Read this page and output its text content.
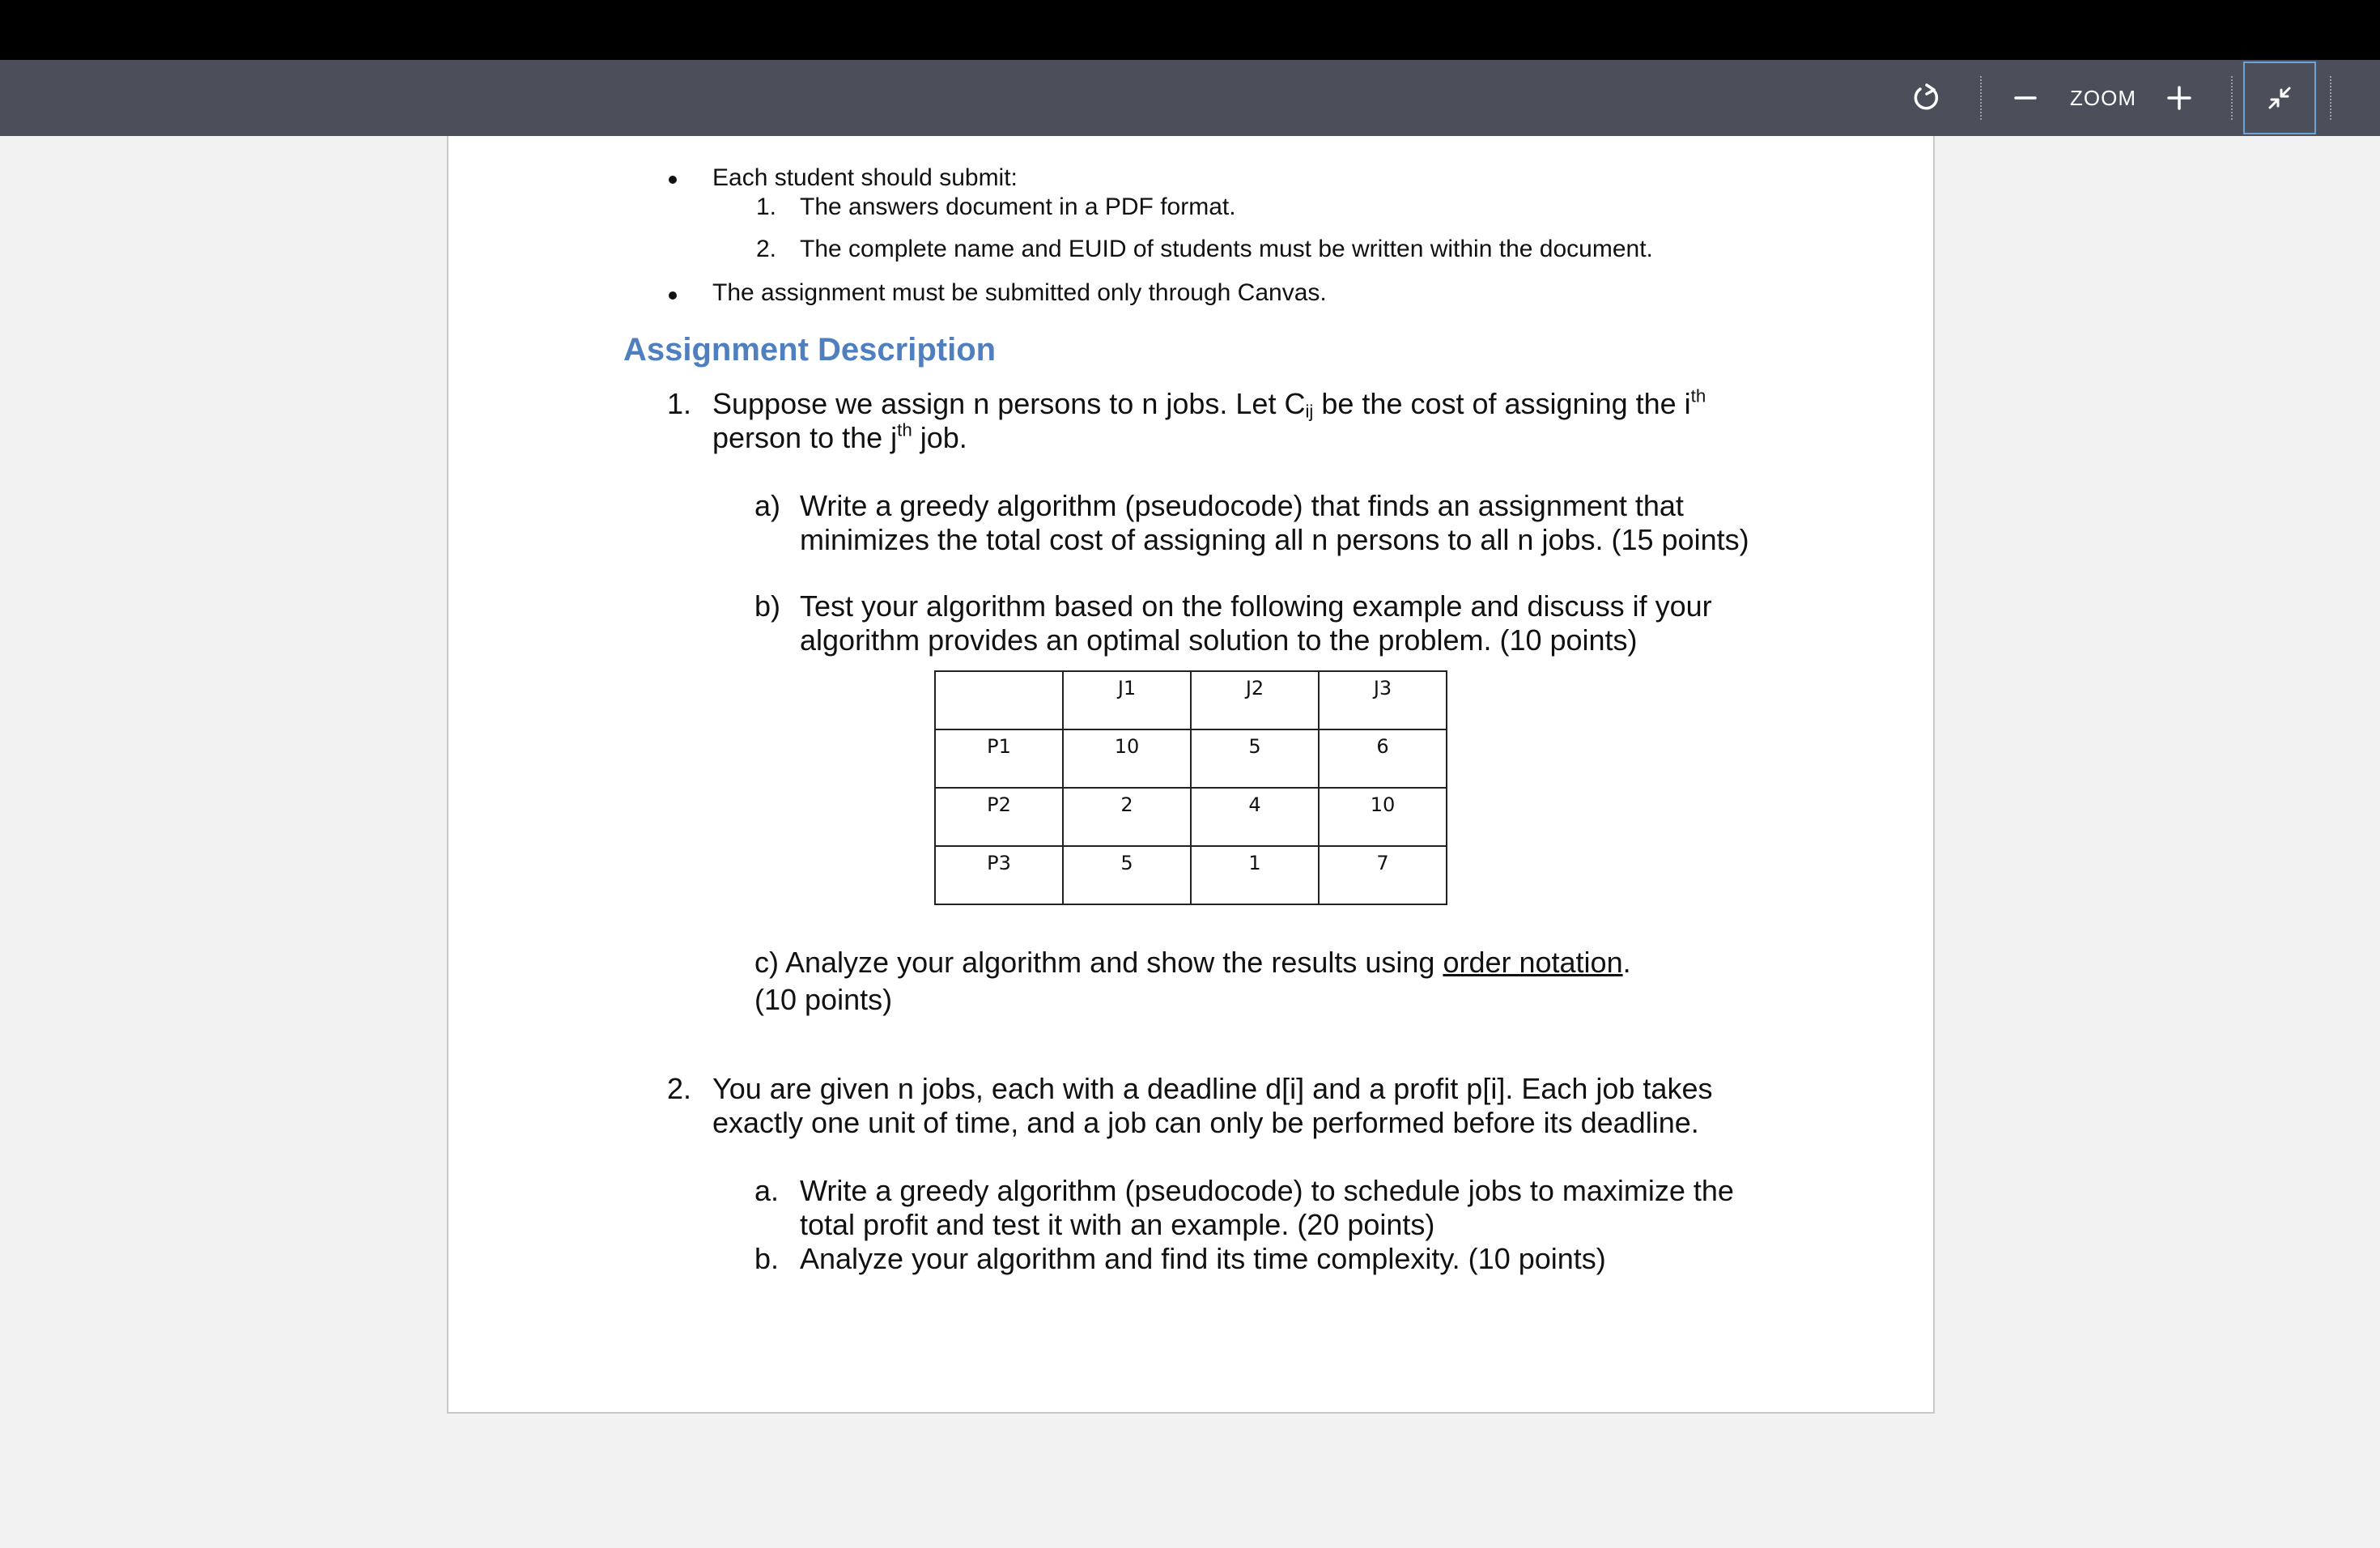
ZOOM
Each student should submit:
1. The answers document in a PDF format.
2. The complete name and EUID of students must be written within the document.
The assignment must be submitted only through Canvas.
Assignment Description
1. Suppose we assign n persons to n jobs. Let $C_{ij}$ be the cost of assigning the $i^{th}$
person to the $j^{th}$ job.
a) Write a greedy algorithm (pseudocode) that finds an assignment that
minimizes the total cost of assigning all n persons to all n jobs. (15 points)
b) Test your algorithm based on the following example and discuss if your
algorithm provides an optimal solution to the problem. (10 points)
	J1	J2	J3
P1	10	5	6
P2	2	4	10
P3	5	1	7
c) Analyze your algorithm and show the results using order notation.
(10 points)
2. You are given n jobs, each with a deadline d[i] and a profit p[i]. Each job takes
exactly one unit of time, and a job can only be performed before its deadline.
a. Write a greedy algorithm (pseudocode) to schedule jobs to maximize the
total profit and test it with an example. (20 points)
b. Analyze your algorithm and find its time complexity. (10 points)
